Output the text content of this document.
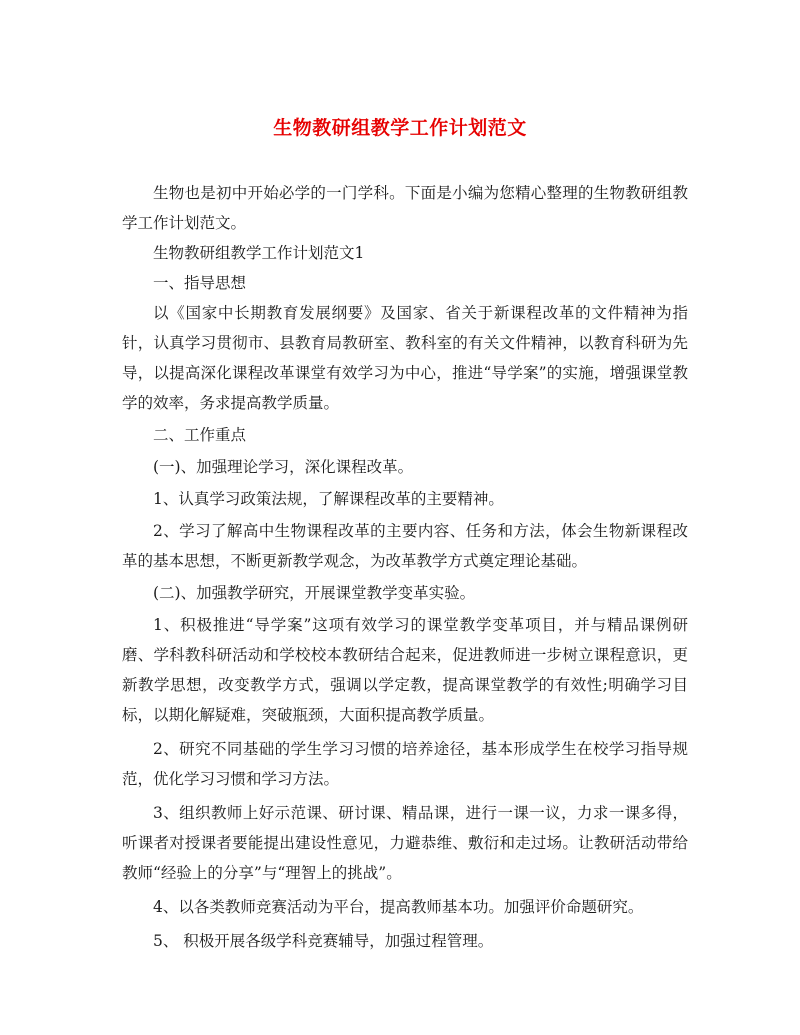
生物教研组教学工作计划范文

生物也是初中开始必学的一门学科。下面是小编为您精心整理的生物教研组教学工作计划范文。

生物教研组教学工作计划范文1

一、指导思想

以《国家中长期教育发展纲要》及国家、省关于新课程改革的文件精神为指针，认真学习贯彻市、县教育局教研室、教科室的有关文件精神，以教育科研为先导，以提高深化课程改革课堂有效学习为中心，推进“导学案”的实施，增强课堂教学的效率，务求提高教学质量。

二、工作重点

(一)、加强理论学习，深化课程改革。

1、认真学习政策法规，了解课程改革的主要精神。

2、学习了解高中生物课程改革的主要内容、任务和方法，体会生物新课程改革的基本思想，不断更新教学观念，为改革教学方式奠定理论基础。

(二)、加强教学研究，开展课堂教学变革实验。

1、积极推进“导学案”这项有效学习的课堂教学变革项目，并与精品课例研磨、学科教科研活动和学校校本教研结合起来，促进教师进一步树立课程意识，更新教学思想，改变教学方式，强调以学定教，提高课堂教学的有效性;明确学习目标，以期化解疑难，突破瓶颈，大面积提高教学质量。

2、研究不同基础的学生学习习惯的培养途径，基本形成学生在校学习指导规范，优化学习习惯和学习方法。

3、组织教师上好示范课、研讨课、精品课，进行一课一议，力求一课多得，听课者对授课者要能提出建设性意见，力避恭维、敷衍和走过场。让教研活动带给教师“经验上的分享”与“理智上的挑战”。

4、以各类教师竞赛活动为平台，提高教师基本功。加强评价命题研究。

5、 积极开展各级学科竞赛辅导，加强过程管理。
